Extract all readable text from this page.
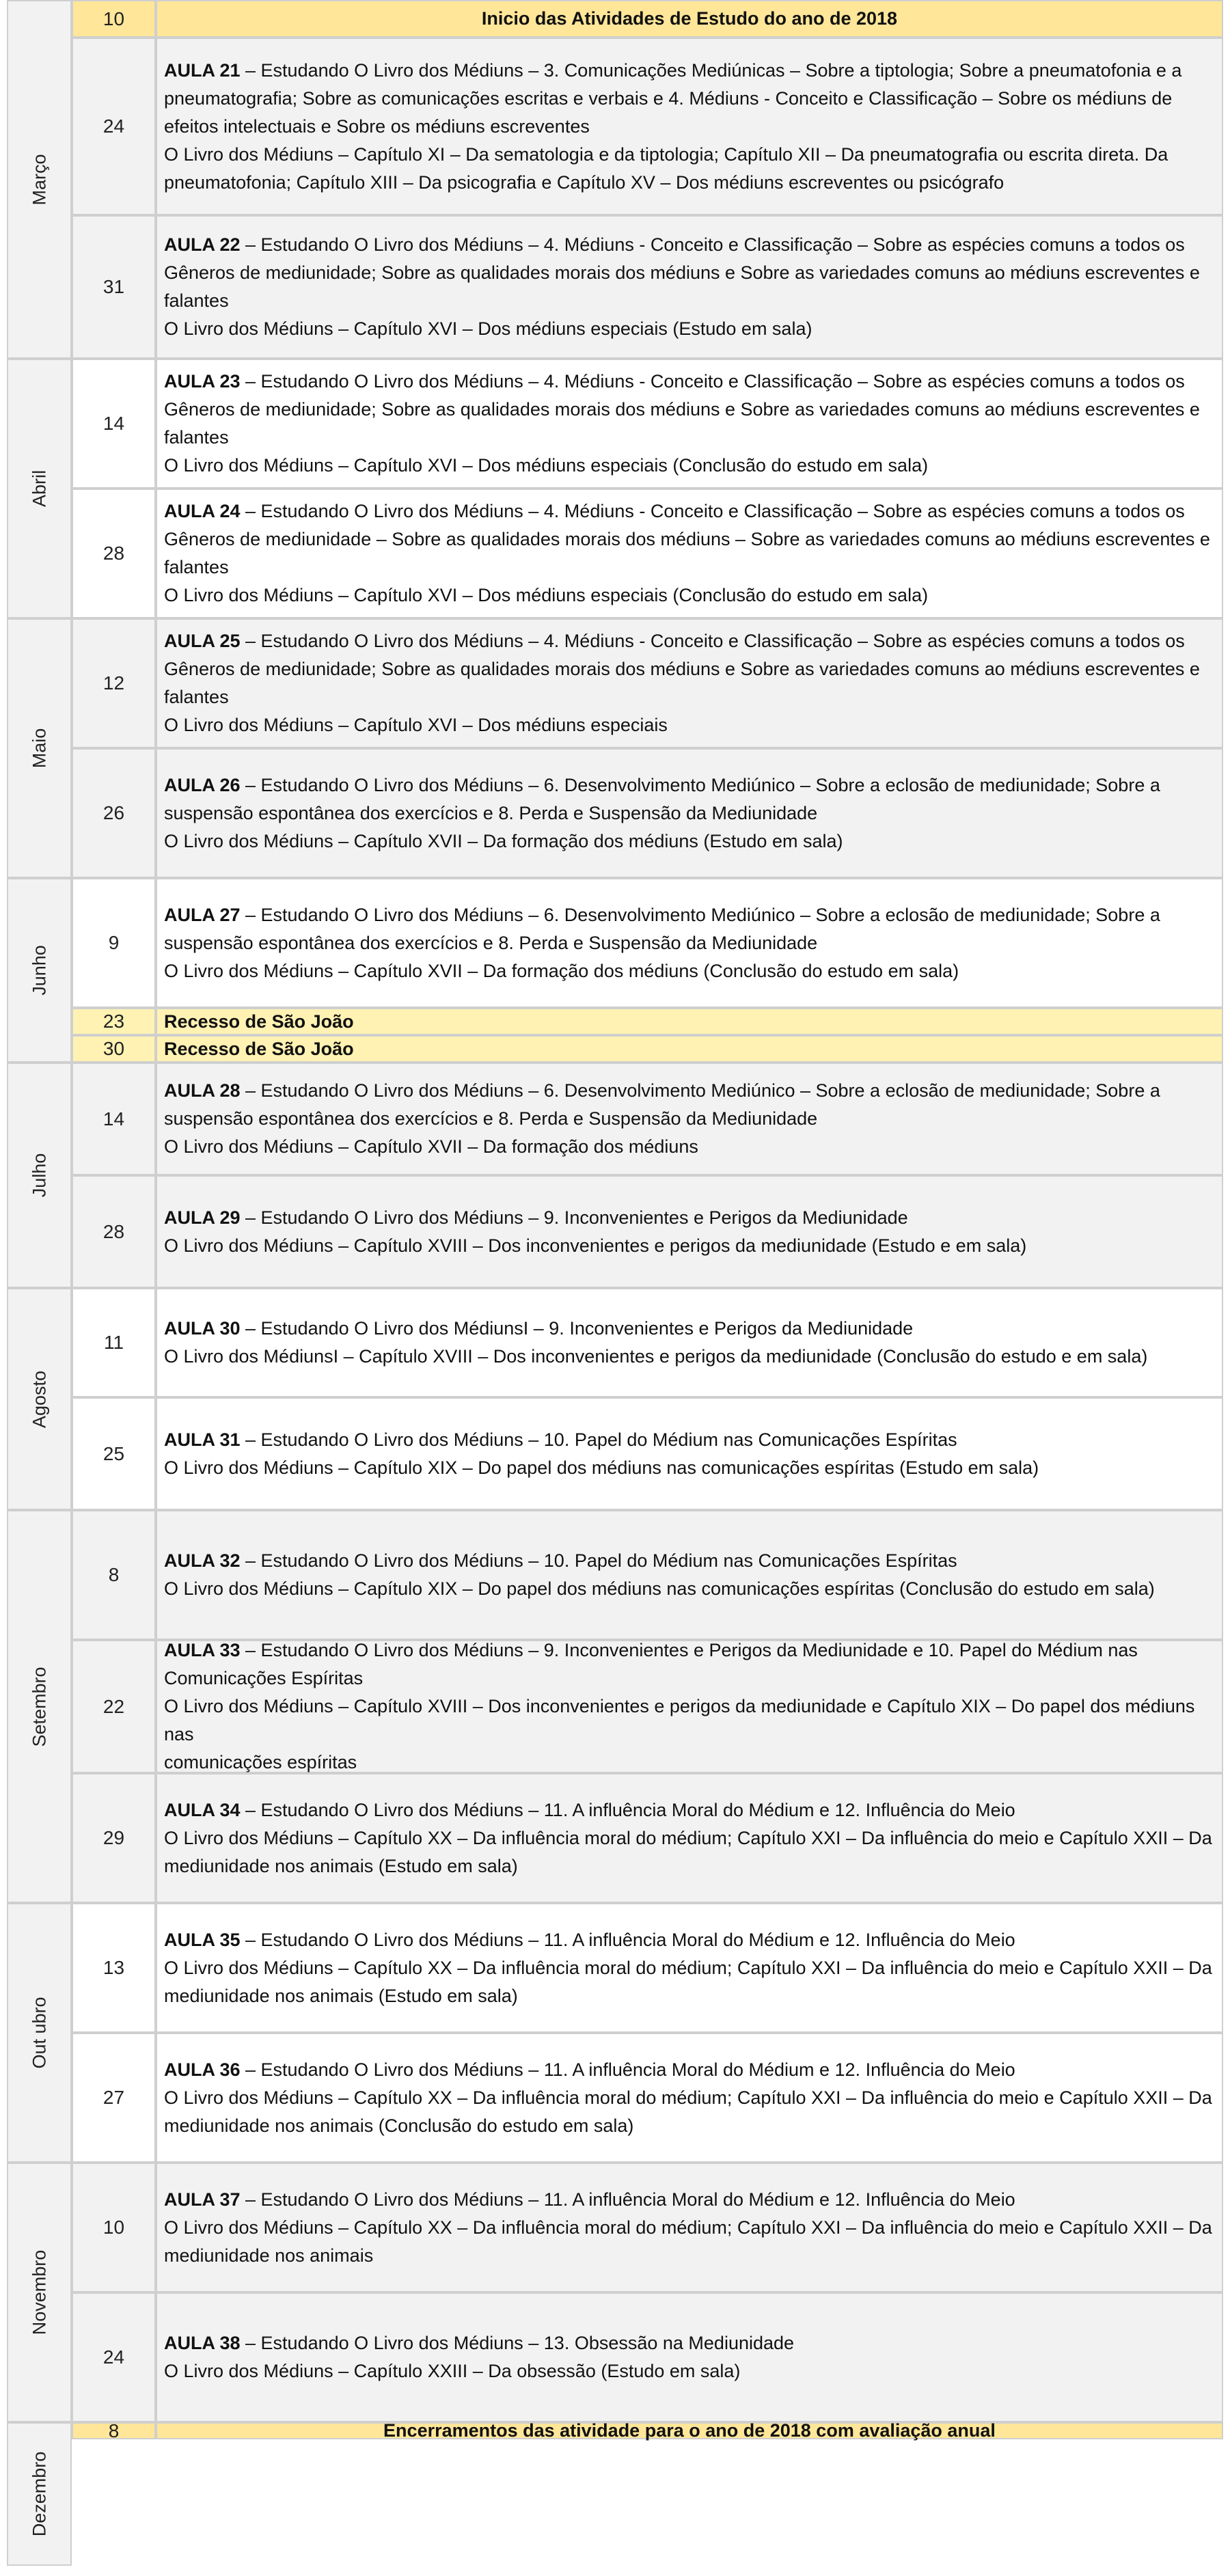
Março
Abril
Maio
Junho
Julho
Agosto
Setembro
Out ubro
Novembro
Dezembro
10	Inicio das Atividades de Estudo do ano de 2018
24
AULA 21 – Estudando O Livro dos Médiuns – 3. Comunicações Mediúnicas – Sobre a tiptologia; Sobre a pneumatofonia e a
pneumatografia; Sobre as comunicações escritas e verbais e 4. Médiuns - Conceito e Classificação – Sobre os médiuns de
efeitos intelectuais e Sobre os médiuns escreventes
O Livro dos Médiuns – Capítulo XI – Da sematologia e da tiptologia; Capítulo XII – Da pneumatografia ou escrita direta. Da
pneumatofonia; Capítulo XIII – Da psicografia e Capítulo XV – Dos médiuns escreventes ou psicógrafo
31
AULA 22 – Estudando O Livro dos Médiuns – 4. Médiuns - Conceito e Classificação – Sobre as espécies comuns a todos os
Gêneros de mediunidade; Sobre as qualidades morais dos médiuns e Sobre as variedades comuns ao médiuns escreventes e
falantes
O Livro dos Médiuns – Capítulo XVI – Dos médiuns especiais (Estudo em sala)
14
AULA 23 – Estudando O Livro dos Médiuns – 4. Médiuns - Conceito e Classificação – Sobre as espécies comuns a todos os
Gêneros de mediunidade; Sobre as qualidades morais dos médiuns e Sobre as variedades comuns ao médiuns escreventes e
falantes
O Livro dos Médiuns – Capítulo XVI – Dos médiuns especiais (Conclusão do estudo em sala)
28
AULA 24 – Estudando O Livro dos Médiuns – 4. Médiuns - Conceito e Classificação – Sobre as espécies comuns a todos os
Gêneros de mediunidade – Sobre as qualidades morais dos médiuns – Sobre as variedades comuns ao médiuns escreventes e
falantes
O Livro dos Médiuns – Capítulo XVI – Dos médiuns especiais (Conclusão do estudo em sala)
12
AULA 25 – Estudando O Livro dos Médiuns – 4. Médiuns - Conceito e Classificação – Sobre as espécies comuns a todos os
Gêneros de mediunidade; Sobre as qualidades morais dos médiuns e Sobre as variedades comuns ao médiuns escreventes e
falantes
O Livro dos Médiuns – Capítulo XVI – Dos médiuns especiais
26
AULA 26 – Estudando O Livro dos Médiuns – 6. Desenvolvimento Mediúnico – Sobre a eclosão de mediunidade; Sobre a
suspensão espontânea dos exercícios e 8. Perda e Suspensão da Mediunidade
O Livro dos Médiuns – Capítulo XVII – Da formação dos médiuns (Estudo em sala)
9
AULA 27 – Estudando O Livro dos Médiuns – 6. Desenvolvimento Mediúnico – Sobre a eclosão de mediunidade; Sobre a
suspensão espontânea dos exercícios e 8. Perda e Suspensão da Mediunidade
O Livro dos Médiuns – Capítulo XVII – Da formação dos médiuns (Conclusão do estudo em sala)
23 Recesso de São João
30 Recesso de São João
14
AULA 28 – Estudando O Livro dos Médiuns – 6. Desenvolvimento Mediúnico – Sobre a eclosão de mediunidade; Sobre a
suspensão espontânea dos exercícios e 8. Perda e Suspensão da Mediunidade
O Livro dos Médiuns – Capítulo XVII – Da formação dos médiuns
28
AULA 29 – Estudando O Livro dos Médiuns – 9. Inconvenientes e Perigos da Mediunidade
O Livro dos Médiuns – Capítulo XVIII – Dos inconvenientes e perigos da mediunidade (Estudo e em sala)
11
AULA 30 – Estudando O Livro dos MédiunsI – 9. Inconvenientes e Perigos da Mediunidade
O Livro dos MédiunsI – Capítulo XVIII – Dos inconvenientes e perigos da mediunidade (Conclusão do estudo e em sala)
25
AULA 31 – Estudando O Livro dos Médiuns – 10. Papel do Médium nas Comunicações Espíritas
O Livro dos Médiuns – Capítulo XIX – Do papel dos médiuns nas comunicações espíritas (Estudo em sala)
8
AULA 32 – Estudando O Livro dos Médiuns – 10. Papel do Médium nas Comunicações Espíritas
O Livro dos Médiuns – Capítulo XIX – Do papel dos médiuns nas comunicações espíritas (Conclusão do estudo em sala)
22
AULA 33 – Estudando O Livro dos Médiuns – 9. Inconvenientes e Perigos da Mediunidade e 10. Papel do Médium nas
Comunicações Espíritas
O Livro dos Médiuns – Capítulo XVIII – Dos inconvenientes e perigos da mediunidade e Capítulo XIX – Do papel dos médiuns nas
comunicações espíritas
29
AULA 34 – Estudando O Livro dos Médiuns – 11. A influência Moral do Médium e 12. Influência do Meio
O Livro dos Médiuns – Capítulo XX – Da influência moral do médium; Capítulo XXI – Da influência do meio e Capítulo XXII – Da
mediunidade nos animais (Estudo em sala)
13
AULA 35 – Estudando O Livro dos Médiuns – 11. A influência Moral do Médium e 12. Influência do Meio
O Livro dos Médiuns – Capítulo XX – Da influência moral do médium; Capítulo XXI – Da influência do meio e Capítulo XXII – Da
mediunidade nos animais (Estudo em sala)
27
AULA 36 – Estudando O Livro dos Médiuns – 11. A influência Moral do Médium e 12. Influência do Meio
O Livro dos Médiuns – Capítulo XX – Da influência moral do médium; Capítulo XXI – Da influência do meio e Capítulo XXII – Da
mediunidade nos animais (Conclusão do estudo em sala)
10
AULA 37 – Estudando O Livro dos Médiuns – 11. A influência Moral do Médium e 12. Influência do Meio
O Livro dos Médiuns – Capítulo XX – Da influência moral do médium; Capítulo XXI – Da influência do meio e Capítulo XXII – Da
mediunidade nos animais
24
AULA 38 – Estudando O Livro dos Médiuns – 13. Obsessão na Mediunidade
O Livro dos Médiuns – Capítulo XXIII – Da obsessão (Estudo em sala)
8	Encerramentos das atividade para o ano de 2018 com avaliação anual
